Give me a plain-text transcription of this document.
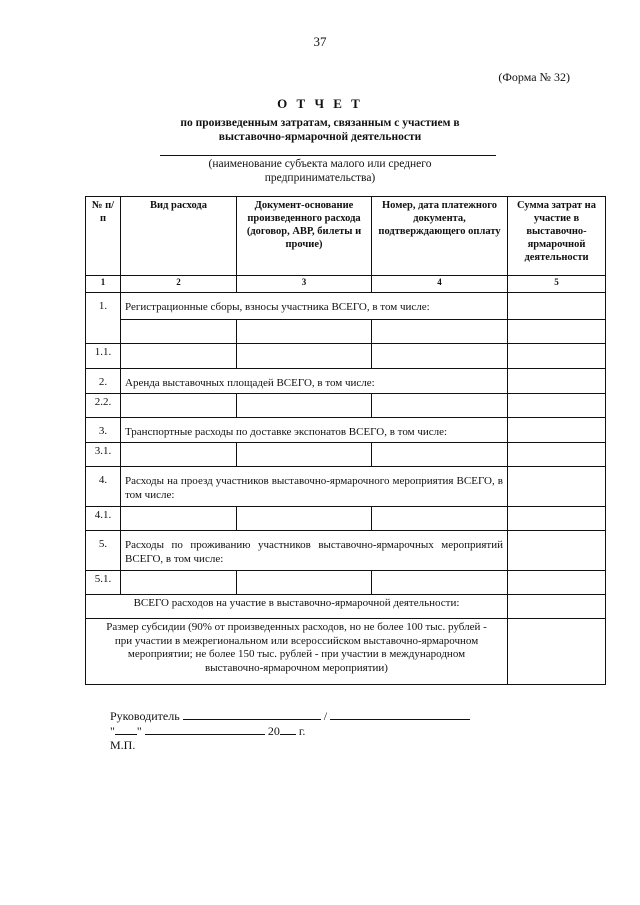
37
(Форма № 32)
О Т Ч Е Т
по произведенным затратам, связанным с участием в
выставочно-ярмарочной деятельности
(наименование субъекта малого или среднего
предпринимательства)
№ п/п	Вид расхода	Документ-основание произведенного расхода (договор, АВР, билеты и прочие)	Номер, дата платежного документа, подтверждающего оплату	Сумма затрат на участие в выставочно-ярмарочной деятельности
1	2	3	4	5
1.	Регистрационные сборы, взносы участника ВСЕГО, в том числе:			

1.1.				
2.	Аренда выставочных площадей ВСЕГО, в том числе:			
2.2.				
3.	Транспортные расходы по доставке экспонатов ВСЕГО, в том числе:			
3.1.				
4.	Расходы на проезд участников выставочно-ярмарочного мероприятия ВСЕГО, в том числе:			
4.1.				
5.	Расходы по проживанию участников выставочно-ярмарочных мероприятий ВСЕГО, в том числе:			
5.1.				
ВСЕГО расходов на участие в выставочно-ярмарочной деятельности:				

Размер субсидии (90% от произведенных расходов, но не более 100 тыс. рублей -
при участии в межрегиональном или всероссийском выставочно-ярмарочном
мероприятии; не более 150 тыс. рублей - при участии в международном
выставочно-ярмарочном мероприятии)				

Руководитель	/
" "	20 г.
М.П.
